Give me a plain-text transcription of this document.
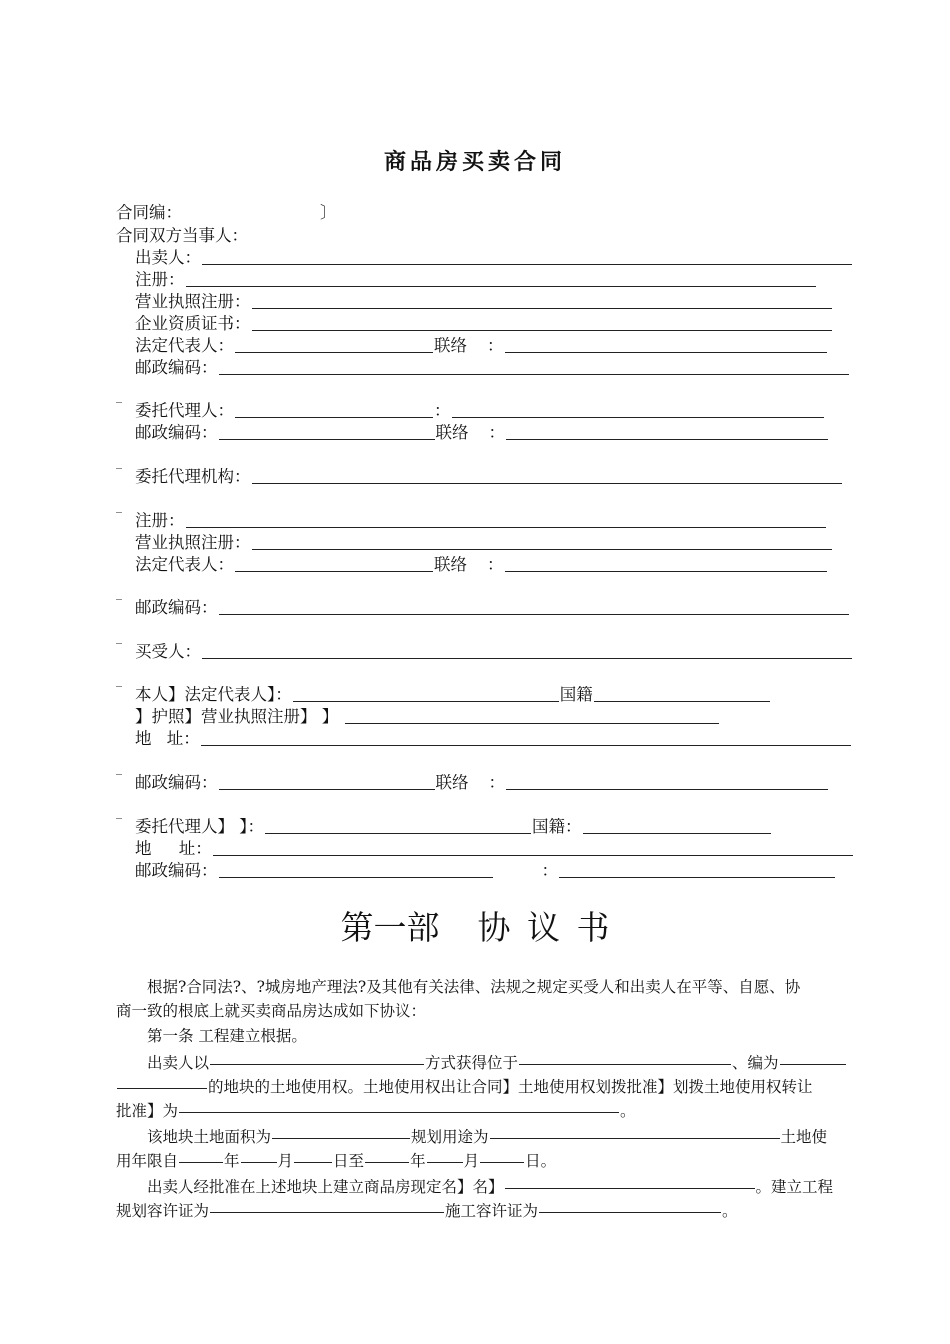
商品房买卖合同
合同编：	〕
合同双方当事人：
出卖人：
注册：
营业执照注册：
企业资质证书：
法定代表人：	联络 ：
邮政编码：
_
委托代理人：	：
邮政编码：	联络 ：
_
委托代理机构：
_
注册：
营业执照注册：
法定代表人：	联络 ：
_
邮政编码：
_
买受人：
_
本人】法定代表人】：	国籍
】护照】营业执照注册】 】
地 址：
_
邮政编码：	联络 ：
_
委托代理人】 】：	国籍：
地 址：
邮政编码：	：
第一部 协 议 书
根据?合同法?、?城房地产理法?及其他有关法律、法规之规定买受人和出卖人在平等、自愿、协
商一致的根底上就买卖商品房达成如下协议：
第一条 工程建立根据。
出卖人以	方式获得位于	、编为
的地块的土地使用权。土地使用权出让合同】土地使用权划拨批准】划拨土地使用权转让
批准】为	。
该地块土地面积为	规划用途为	土地使
用年限自	年 月	日至	年 月	日。
出卖人经批准在上述地块上建立商品房现定名】名】	。建立工程
规划容许证为	施工容许证为	。
